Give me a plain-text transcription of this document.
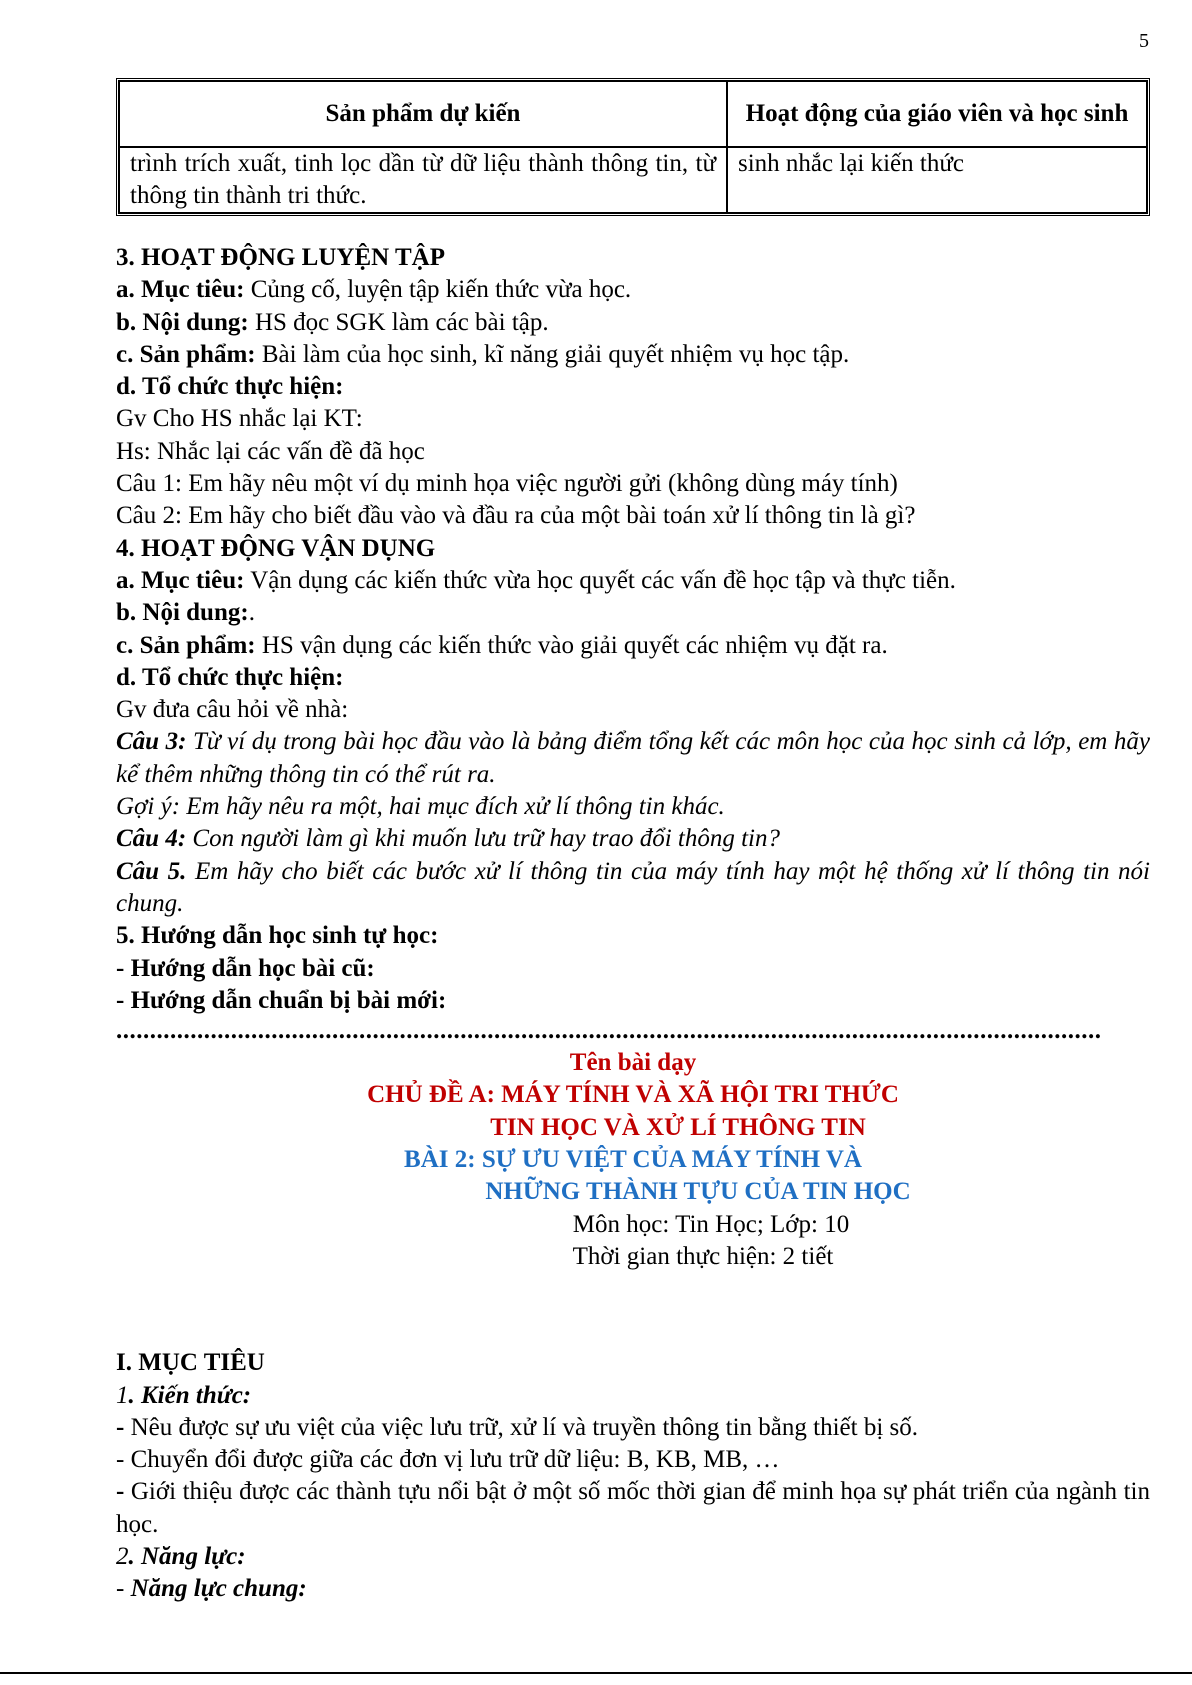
5
Sản phẩm dự kiến	Hoạt động của giáo viên và học sinh
trình trích xuất, tinh lọc dần từ dữ liệu thành thông tin, từ thông tin thành tri thức.	sinh nhắc lại kiến thức

3. HOẠT ĐỘNG LUYỆN TẬP

a. Mục tiêu: Củng cố, luyện tập kiến thức vừa học.

b. Nội dung: HS đọc SGK làm các bài tập.

c. Sản phẩm: Bài làm của học sinh, kĩ năng giải quyết nhiệm vụ học tập.

d. Tổ chức thực hiện:

Gv Cho HS nhắc lại KT:

Hs: Nhắc lại các vấn đề đã học

Câu 1: Em hãy nêu một ví dụ minh họa việc người gửi (không dùng máy tính)

Câu 2: Em hãy cho biết đầu vào và đầu ra của một bài toán xử lí thông tin là gì?

4. HOẠT ĐỘNG VẬN DỤNG

a. Mục tiêu: Vận dụng các kiến thức vừa học quyết các vấn đề học tập và thực tiễn.

b. Nội dung:.

c. Sản phẩm: HS vận dụng các kiến thức vào giải quyết các nhiệm vụ đặt ra.

d. Tổ chức thực hiện:

Gv đưa câu hỏi về nhà:

Câu 3: Từ ví dụ trong bài học đầu vào là bảng điểm tổng kết các môn học của học sinh cả lớp, em hãy kể thêm những thông tin có thể rút ra.

Gợi ý: Em hãy nêu ra một, hai mục đích xử lí thông tin khác.

Câu 4: Con người làm gì khi muốn lưu trữ hay trao đổi thông tin?

Câu 5. Em hãy cho biết các bước xử lí thông tin của máy tính hay một hệ thống xử lí thông tin nói chung.

5. Hướng dẫn học sinh tự học:

- Hướng dẫn học bài cũ:

- Hướng dẫn chuẩn bị bài mới:

..................................................................................................................................................

Tên bài dạy

CHỦ ĐỀ A: MÁY TÍNH VÀ XÃ HỘI TRI THỨC

TIN HỌC VÀ XỬ LÍ THÔNG TIN

BÀI 2: SỰ ƯU VIỆT CỦA MÁY TÍNH VÀ

NHỮNG THÀNH TỰU CỦA TIN HỌC

Môn học: Tin Học; Lớp: 10

Thời gian thực hiện: 2 tiết

I. MỤC TIÊU

1. Kiến thức:

- Nêu được sự ưu việt của việc lưu trữ, xử lí và truyền thông tin bằng thiết bị số.

- Chuyển đổi được giữa các đơn vị lưu trữ dữ liệu: B, KB, MB, …

- Giới thiệu được các thành tựu nổi bật ở một số mốc thời gian để minh họa sự phát triển của ngành tin học.

2. Năng lực:

- Năng lực chung:
